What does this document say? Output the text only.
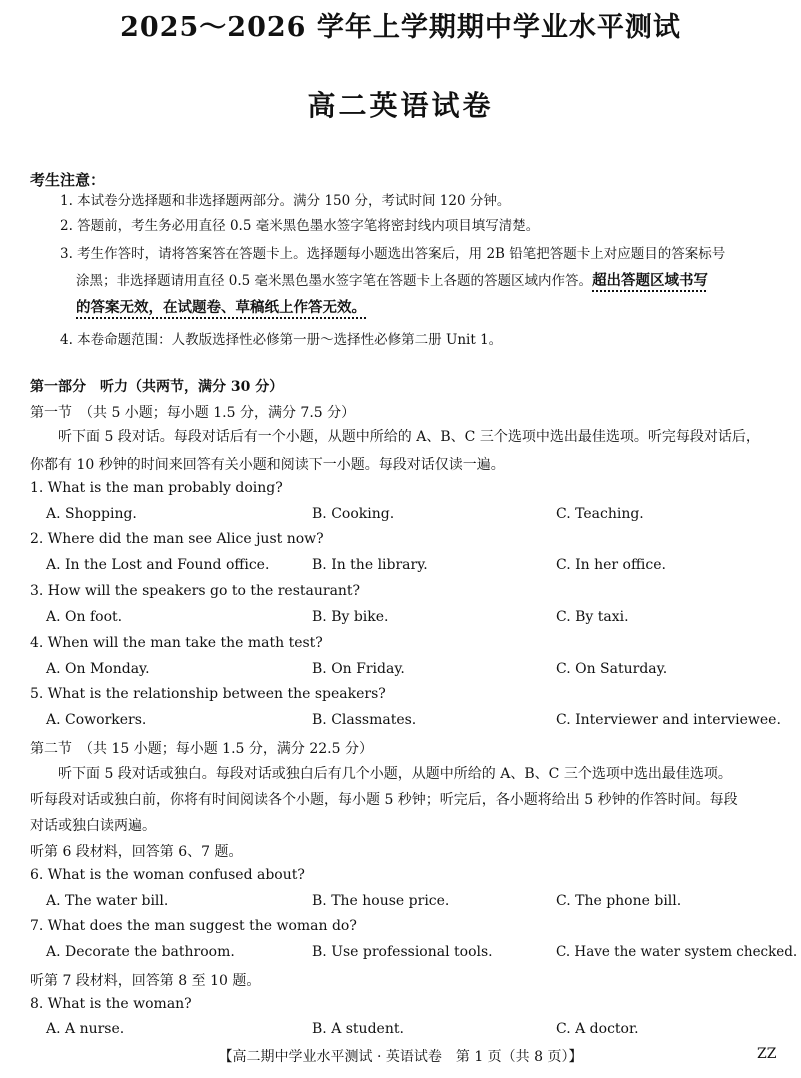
2025～2026 学年上学期期中学业水平测试
高二英语试卷
考生注意：
1. 本试卷分选择题和非选择题两部分。满分 150 分，考试时间 120 分钟。
2. 答题前，考生务必用直径 0.5 毫米黑色墨水签字笔将密封线内项目填写清楚。
3. 考生作答时，请将答案答在答题卡上。选择题每小题选出答案后，用 2B 铅笔把答题卡上对应题目的答案标号
涂黑；非选择题请用直径 0.5 毫米黑色墨水签字笔在答题卡上各题的答题区域内作答。超出答题区域书写
的答案无效，在试题卷、草稿纸上作答无效。
4. 本卷命题范围：人教版选择性必修第一册～选择性必修第二册 Unit 1。
第一部分　听力（共两节，满分 30 分）
第一节　（共 5 小题；每小题 1.5 分，满分 7.5 分）
听下面 5 段对话。每段对话后有一个小题，从题中所给的 A、B、C 三个选项中选出最佳选项。听完每段对话后，
你都有 10 秒钟的时间来回答有关小题和阅读下一小题。每段对话仅读一遍。
1. What is the man probably doing?
A. Shopping.	B. Cooking.	C. Teaching.
2. Where did the man see Alice just now?
A. In the Lost and Found office.	B. In the library.	C. In her office.
3. How will the speakers go to the restaurant?
A. On foot.	B. By bike.	C. By taxi.
4. When will the man take the math test?
A. On Monday.	B. On Friday.	C. On Saturday.
5. What is the relationship between the speakers?
A. Coworkers.	B. Classmates.	C. Interviewer and interviewee.
第二节　（共 15 小题；每小题 1.5 分，满分 22.5 分）
听下面 5 段对话或独白。每段对话或独白后有几个小题，从题中所给的 A、B、C 三个选项中选出最佳选项。
听每段对话或独白前，你将有时间阅读各个小题，每小题 5 秒钟；听完后，各小题将给出 5 秒钟的作答时间。每段
对话或独白读两遍。
听第 6 段材料，回答第 6、7 题。
6. What is the woman confused about?
A. The water bill.	B. The house price.	C. The phone bill.
7. What does the man suggest the woman do?
A. Decorate the bathroom.	B. Use professional tools.	C. Have the water system checked.
听第 7 段材料，回答第 8 至 10 题。
8. What is the woman?
A. A nurse.	B. A student.	C. A doctor.
【高二期中学业水平测试 · 英语试卷　第 1 页（共 8 页）】	ZZ
